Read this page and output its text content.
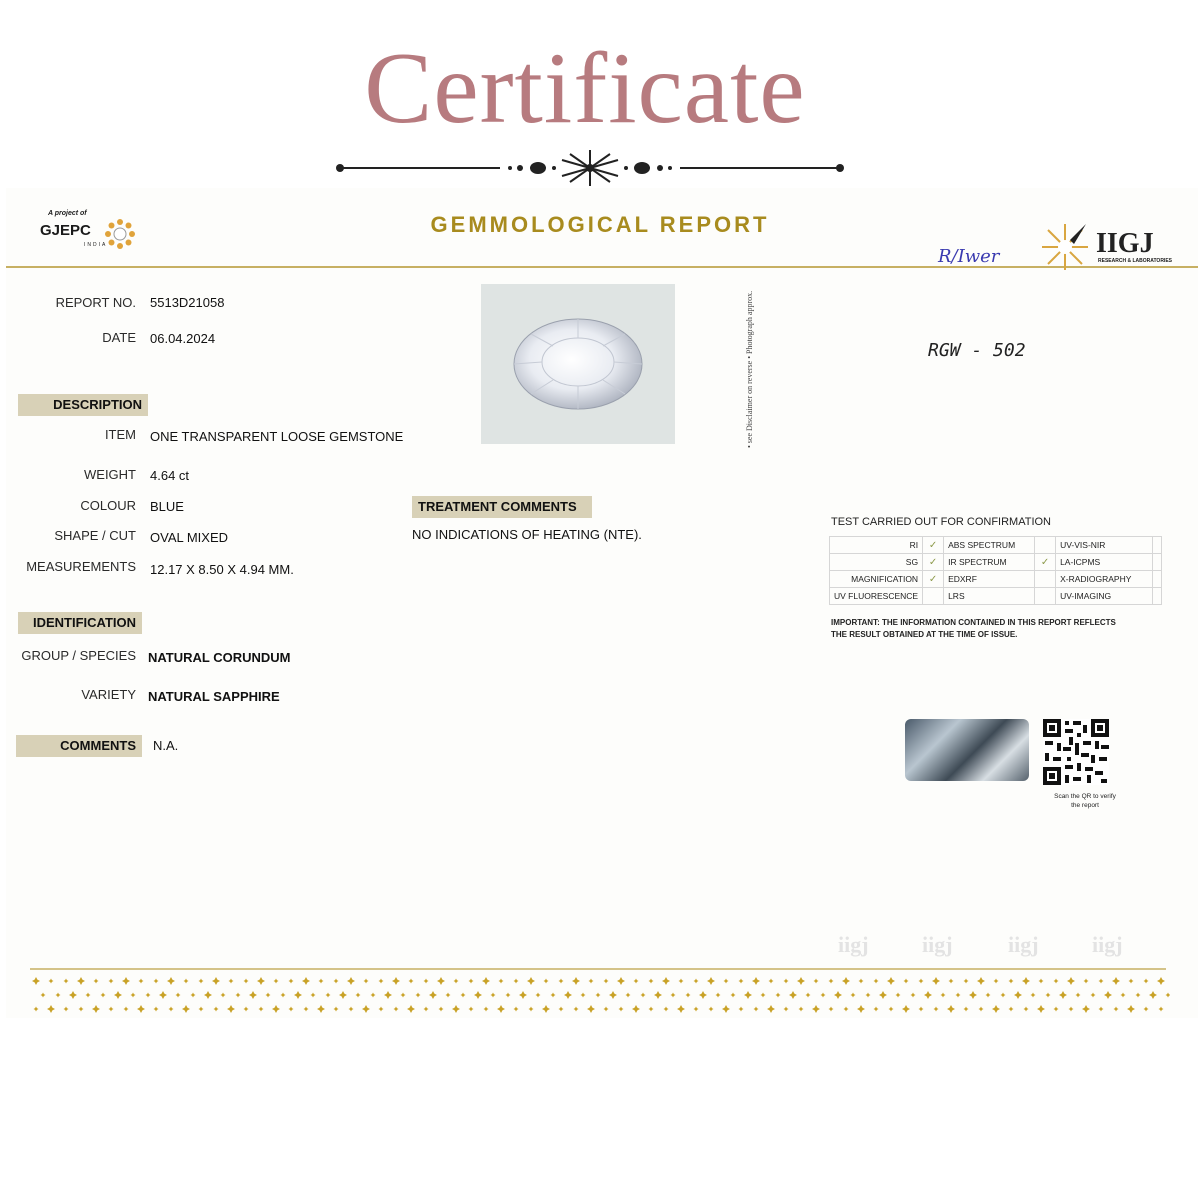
Certificate
A project of
GJEPC
INDIA
GEMMOLOGICAL REPORT
IIGJ
RESEARCH & LABORATORIES
R/Iwer
REPORT NO. 5513D21058
DATE 06.04.2024
DESCRIPTION
ITEM ONE TRANSPARENT LOOSE GEMSTONE
WEIGHT 4.64 ct
COLOUR BLUE
SHAPE / CUT OVAL MIXED
MEASUREMENTS 12.17 X 8.50 X 4.94 MM.
IDENTIFICATION
GROUP / SPECIES NATURAL CORUNDUM
VARIETY NATURAL SAPPHIRE
COMMENTS	N.A.
• see Disclaimer on reverse • Photograph approx.	RGW - 502
TREATMENT COMMENTS
NO INDICATIONS OF HEATING (NTE).
TEST CARRIED OUT FOR CONFIRMATION
RI	✓	ABS SPECTRUM		UV-VIS-NIR	
SG	✓	IR SPECTRUM	✓	LA-ICPMS	
MAGNIFICATION	✓	EDXRF		X-RADIOGRAPHY	
UV FLUORESCENCE		LRS		UV-IMAGING	
IMPORTANT: THE INFORMATION CONTAINED IN THIS REPORT REFLECTS THE RESULT OBTAINED AT THE TIME OF ISSUE.
Scan the QR to verify the report
iigj iigj	iigj iigj
